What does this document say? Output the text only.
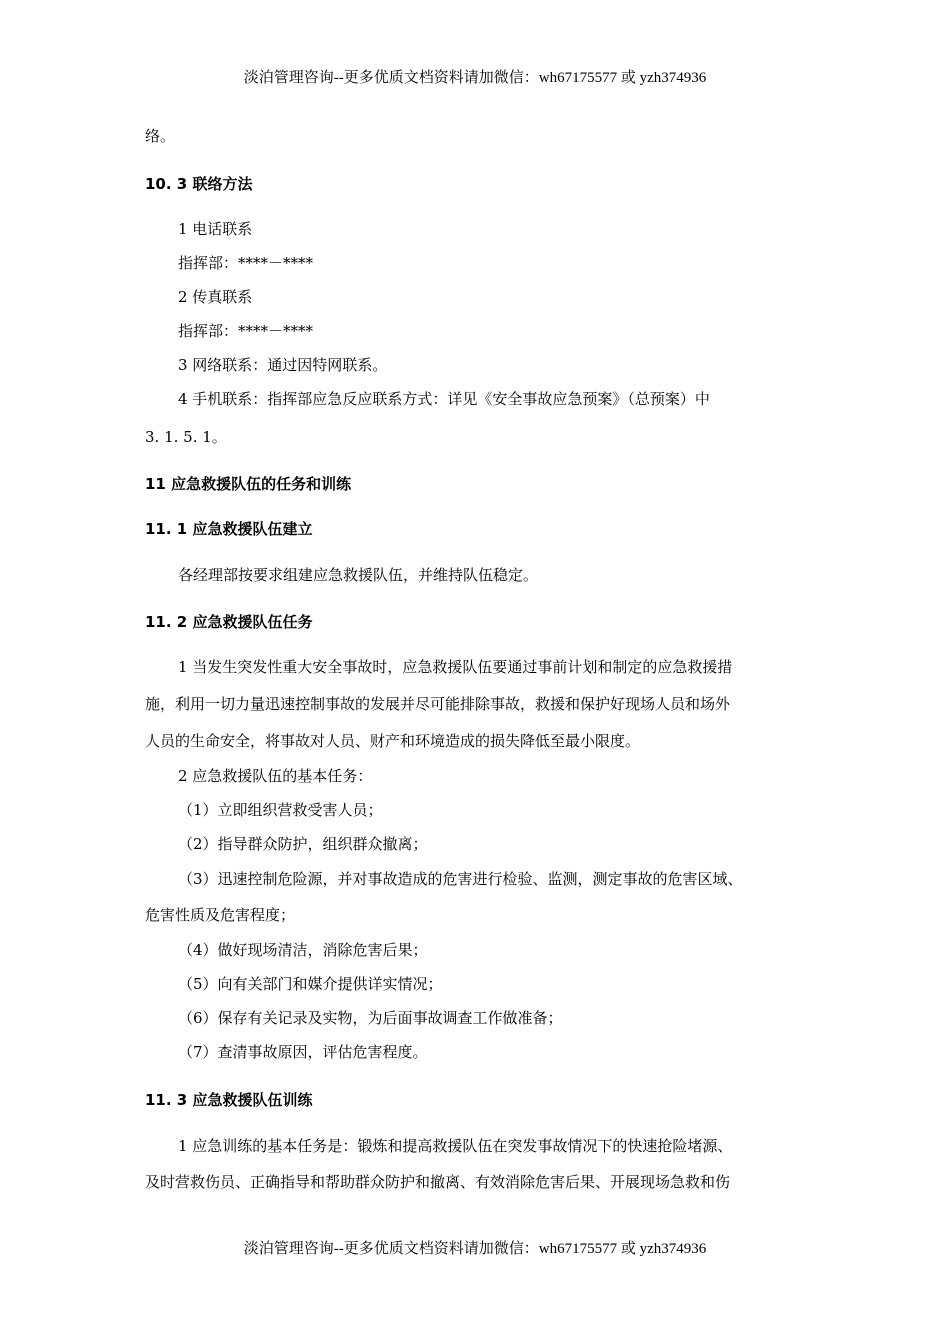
淡泊管理咨询--更多优质文档资料请加微信：wh67175577 或 yzh374936
络。
10. 3 联络方法
1 电话联系
指挥部：****－****
2 传真联系
指挥部：****－****
3 网络联系：通过因特网联系。
4 手机联系：指挥部应急反应联系方式：详见《安全事故应急预案》（总预案）中
3. 1. 5. 1。
11 应急救援队伍的任务和训练
11. 1 应急救援队伍建立
各经理部按要求组建应急救援队伍，并维持队伍稳定。
11. 2 应急救援队伍任务
1 当发生突发性重大安全事故时，应急救援队伍要通过事前计划和制定的应急救援措
施，利用一切力量迅速控制事故的发展并尽可能排除事故，救援和保护好现场人员和场外
人员的生命安全，将事故对人员、财产和环境造成的损失降低至最小限度。
2 应急救援队伍的基本任务：
（1）立即组织营救受害人员；
（2）指导群众防护，组织群众撤离；
（3）迅速控制危险源，并对事故造成的危害进行检验、监测，测定事故的危害区域、
危害性质及危害程度；
（4）做好现场清洁，消除危害后果；
（5）向有关部门和媒介提供详实情况；
（6）保存有关记录及实物，为后面事故调查工作做准备；
（7）查清事故原因，评估危害程度。
11. 3 应急救援队伍训练
1 应急训练的基本任务是：锻炼和提高救援队伍在突发事故情况下的快速抢险堵源、
及时营救伤员、正确指导和帮助群众防护和撤离、有效消除危害后果、开展现场急救和伤
淡泊管理咨询--更多优质文档资料请加微信：wh67175577 或 yzh374936
